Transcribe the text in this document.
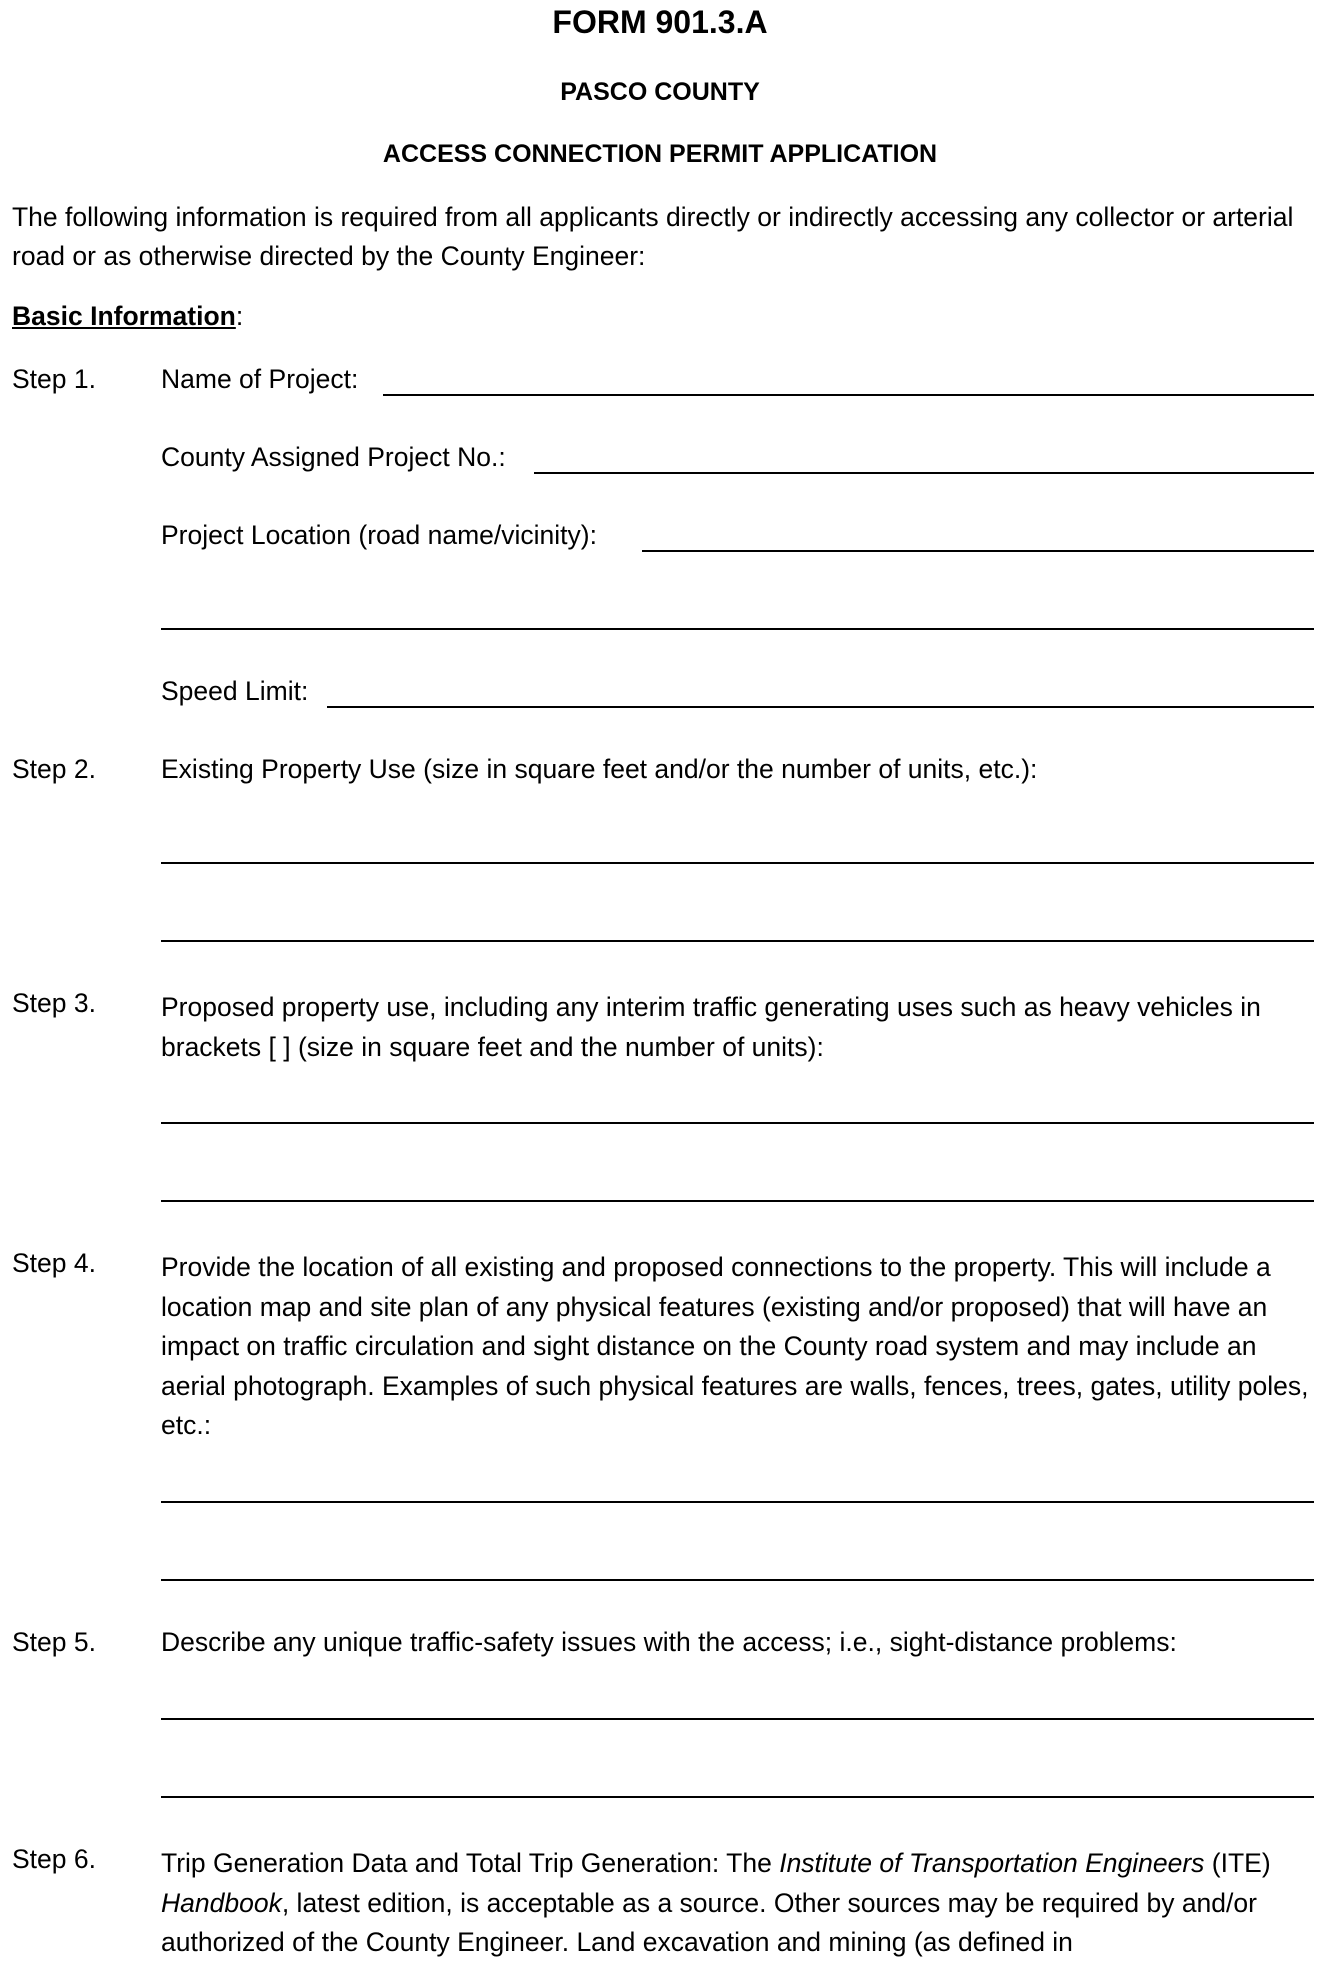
FORM 901.3.A
PASCO COUNTY
ACCESS CONNECTION PERMIT APPLICATION
The following information is required from all applicants directly or indirectly accessing any collector or arterial road or as otherwise directed by the County Engineer:
Basic Information:
Step 1. Name of Project:
County Assigned Project No.:
Project Location (road name/vicinity):
Speed Limit:
Step 2. Existing Property Use (size in square feet and/or the number of units, etc.):
Step 3. Proposed property use, including any interim traffic generating uses such as heavy vehicles in brackets [ ] (size in square feet and the number of units):
Step 4. Provide the location of all existing and proposed connections to the property. This will include a location map and site plan of any physical features (existing and/or proposed) that will have an impact on traffic circulation and sight distance on the County road system and may include an aerial photograph. Examples of such physical features are walls, fences, trees, gates, utility poles, etc.:
Step 5. Describe any unique traffic-safety issues with the access; i.e., sight-distance problems:
Step 6. Trip Generation Data and Total Trip Generation: The Institute of Transportation Engineers (ITE) Handbook, latest edition, is acceptable as a source. Other sources may be required by and/or authorized of the County Engineer. Land excavation and mining (as defined in
